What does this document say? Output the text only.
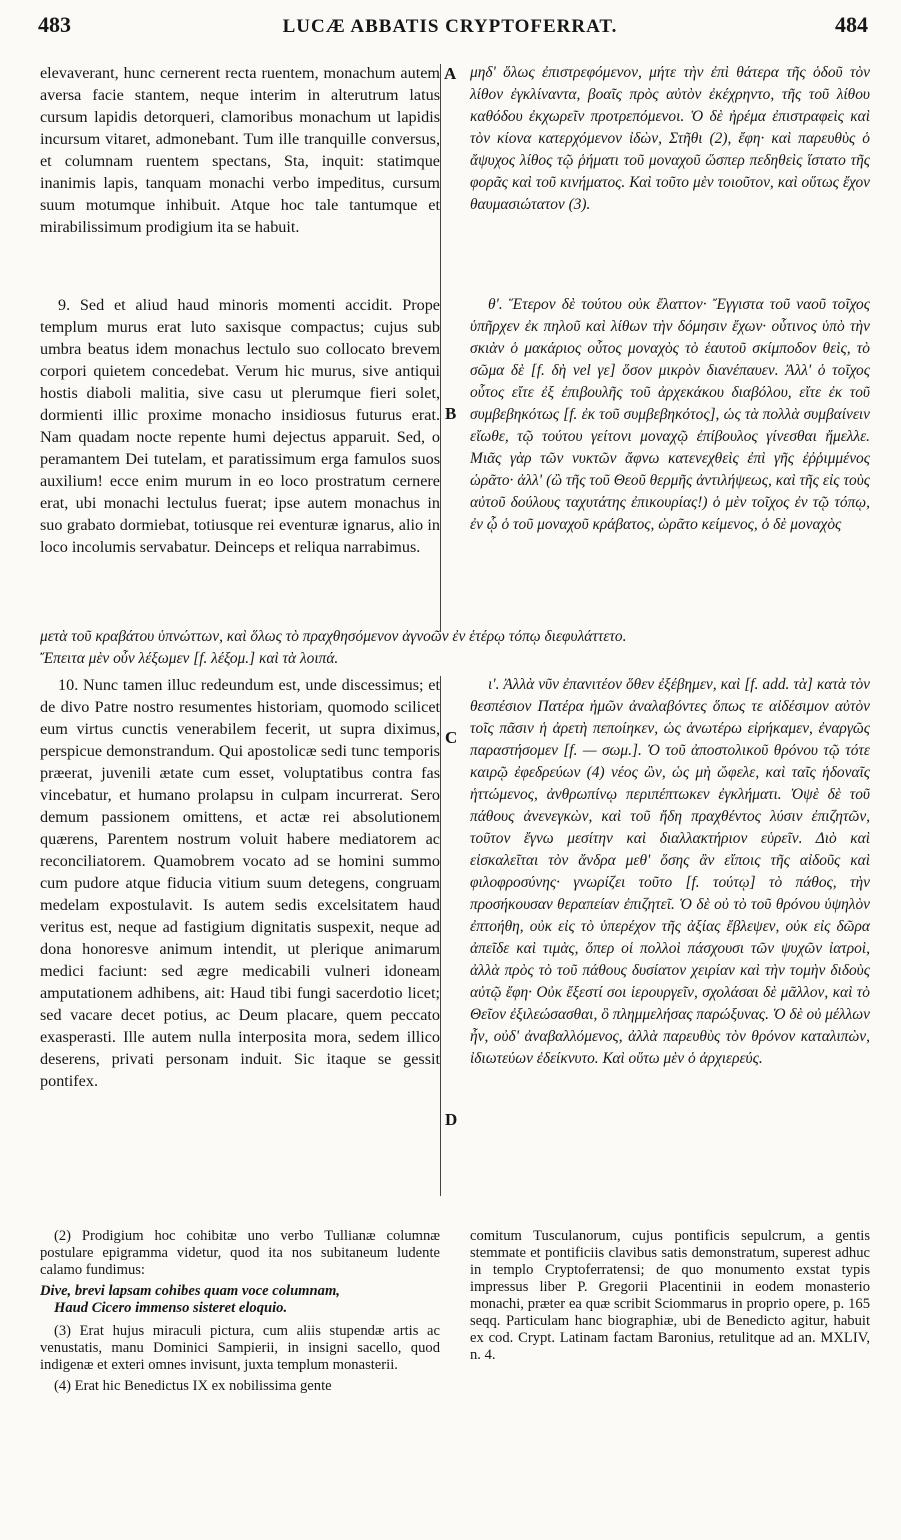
483	LUCÆ ABBATIS CRYPTOFERRAT.	484

elevaverant, hunc cernerent recta ruentem, monachum autem aversa facie stantem, neque interim in alterutrum latus cursum lapidis detorqueri, clamoribus monachum ut lapidis incursum vitaret, admonebant. Tum ille tranquille conversus, et columnam ruentem spectans, Sta, inquit: statimque inanimis lapis, tanquam monachi verbo impeditus, cursum suum motumque inhibuit. Atque hoc tale tantumque et mirabilissimum prodigium ita se habuit.

9. Sed et aliud haud minoris momenti accidit. Prope templum murus erat luto saxisque compactus; cujus sub umbra beatus idem monachus lectulo suo collocato brevem corpori quietem concedebat. Verum hic murus, sive antiqui hostis diaboli malitia, sive casu ut plerumque fieri solet, dormienti illic proxime monacho insidiosus futurus erat. Nam quadam nocte repente humi dejectus apparuit. Sed, o peramantem Dei tutelam, et paratissimum erga famulos suos auxilium! ecce enim murum in eo loco prostratum cernere erat, ubi monachi lectulus fuerat; ipse autem monachus in suo grabato dormiebat, totiusque rei eventuræ ignarus, alio in loco incolumis servabatur. Deinceps et reliqua narrabimus.

μηδ' ὅλως ἐπιστρεφόμενον, μήτε τὴν ἐπὶ θάτερα τῆς ὁδοῦ τὸν λίθον ἐγκλίναντα, βοαῖς πρὸς αὐτὸν ἐκέχρηντο, τῆς τοῦ λίθου καθόδου ἐκχωρεῖν προτρεπόμενοι. Ὁ δὲ ἠρέμα ἐπιστραφεὶς καὶ τὸν κίονα κατερχόμενον ἰδὼν, Στῆθι (2), ἔφη· καὶ παρευθὺς ὁ ἄψυχος λίθος τῷ ῥήματι τοῦ μοναχοῦ ὥσπερ πεδηθεὶς ἵστατο τῆς φορᾶς καὶ τοῦ κινήματος. Καὶ τοῦτο μὲν τοιοῦτον, καὶ οὕτως ἔχον θαυμασιώτατον (3).

θ'. Ἕτερον δὲ τούτου οὐκ ἔλαττον· Ἔγγιστα τοῦ ναοῦ τοῖχος ὑπῆρχεν ἐκ πηλοῦ καὶ λίθων τὴν δόμησιν ἔχων· οὗτινος ὑπὸ τὴν σκιὰν ὁ μακάριος οὗτος μοναχὸς τὸ ἑαυτοῦ σκίμποδον θεὶς, τὸ σῶμα δὲ [f. δὴ vel γε] ὅσον μικρὸν διανέπαυεν. Ἀλλ' ὁ τοῖχος οὗτος εἴτε ἐξ ἐπιβουλῆς τοῦ ἀρχεκάκου διαβόλου, εἴτε ἐκ τοῦ συμβεβηκότως [f. ἐκ τοῦ συμβεβηκότος], ὡς τὰ πολλὰ συμβαίνειν εἴωθε, τῷ τούτου γείτονι μοναχῷ ἐπίβουλος γίνεσθαι ἤμελλε. Μιᾶς γὰρ τῶν νυκτῶν ἄφνω κατενεχθεὶς ἐπὶ γῆς ἐῤῥιμμένος ὡρᾶτο· ἀλλ' (ὢ τῆς τοῦ Θεοῦ θερμῆς ἀντιλήψεως, καὶ τῆς εἰς τοὺς αὐτοῦ δούλους ταχυτάτης ἐπικουρίας!) ὁ μὲν τοῖχος ἐν τῷ τόπῳ, ἐν ᾧ ὁ τοῦ μοναχοῦ κράβατος, ὡρᾶτο κείμενος, ὁ δὲ μοναχὸς

μετὰ τοῦ κραβάτου ὑπνώττων, καὶ ὅλως τὸ πραχθησόμενον ἀγνοῶν ἐν ἑτέρῳ τόπῳ διεφυλάττετο.
Ἔπειτα μὲν οὖν λέξωμεν [f. λέξομ.] καὶ τὰ λοιπά.

10. Nunc tamen illuc redeundum est, unde discessimus; et de divo Patre nostro resumentes historiam, quomodo scilicet eum virtus cunctis venerabilem fecerit, ut supra diximus, perspicue demonstrandum. Qui apostolicæ sedi tunc temporis præerat, juvenili ætate cum esset, voluptatibus contra fas vincebatur, et humano prolapsu in culpam incurrerat. Sero demum passionem omittens, et actæ rei absolutionem quærens, Parentem nostrum voluit habere mediatorem ac reconciliatorem. Quamobrem vocato ad se homini summo cum pudore atque fiducia vitium suum detegens, congruam medelam expostulavit. Is autem sedis excelsitatem haud veritus est, neque ad fastigium dignitatis suspexit, neque ad dona honoresve animum intendit, ut plerique animarum medici faciunt: sed ægre medicabili vulneri idoneam amputationem adhibens, ait: Haud tibi fungi sacerdotio licet; sed vacare decet potius, ac Deum placare, quem peccato exasperasti. Ille autem nulla interposita mora, sedem illico deserens, privati personam induit. Sic itaque se gessit pontifex.

ι'. Ἀλλὰ νῦν ἐπανιτέον ὅθεν ἐξέβημεν, καὶ [f. add. τὰ] κατὰ τὸν θεσπέσιον Πατέρα ἡμῶν ἀναλαβόντες ὅπως τε αἰδέσιμον αὐτὸν τοῖς πᾶσιν ἡ ἀρετὴ πεποίηκεν, ὡς ἀνωτέρω εἰρήκαμεν, ἐναργῶς παραστήσομεν [f. — σωμ.]. Ὁ τοῦ ἀποστολικοῦ θρόνου τῷ τότε καιρῷ ἐφεδρεύων (4) νέος ὢν, ὡς μὴ ὤφελε, καὶ ταῖς ἡδοναῖς ἡττώμενος, ἀνθρωπίνῳ περιπέπτωκεν ἐγκλήματι. Ὀψὲ δὲ τοῦ πάθους ἀνενεγκὼν, καὶ τοῦ ἤδη πραχθέντος λύσιν ἐπιζητῶν, τοῦτον ἔγνω μεσίτην καὶ διαλλακτήριον εὑρεῖν. Διὸ καὶ εἰσκαλεῖται τὸν ἄνδρα μεθ' ὅσης ἂν εἴποις τῆς αἰδοῦς καὶ φιλοφροσύνης· γνωρίζει τοῦτο [f. τούτῳ] τὸ πάθος, τὴν προσήκουσαν θεραπείαν ἐπιζητεῖ. Ὁ δὲ οὐ τὸ τοῦ θρόνου ὑψηλὸν ἐπτοήθη, οὐκ εἰς τὸ ὑπερέχον τῆς ἀξίας ἔβλεψεν, οὐκ εἰς δῶρα ἀπεῖδε καὶ τιμὰς, ὅπερ οἱ πολλοὶ πάσχουσι τῶν ψυχῶν ἰατροὶ, ἀλλὰ πρὸς τὸ τοῦ πάθους δυσίατον χειρίαν καὶ τὴν τομὴν διδοὺς αὐτῷ ἔφη· Οὐκ ἔξεστί σοι ἱερουργεῖν, σχολάσαι δὲ μᾶλλον, καὶ τὸ Θεῖον ἐξιλεώσασθαι, ὃ πλημμελήσας παρώξυνας. Ὁ δὲ οὐ μέλλων ἦν, οὐδ' ἀναβαλλόμενος, ἀλλὰ παρευθὺς τὸν θρόνον καταλιπὼν, ἰδιωτεύων ἐδείκνυτο. Καὶ οὕτω μὲν ὁ ἀρχιερεύς.

A
B
C
D

(2) Prodigium hoc cohibitæ uno verbo Tullianæ columnæ postulare epigramma videtur, quod ita nos subitaneum ludente calamo fundimus:

Dive, brevi lapsam cohibes quam voce columnam,
Haud Cicero immenso sisteret eloquio.

(3) Erat hujus miraculi pictura, cum aliis stupendæ artis ac venustatis, manu Dominici Sampierii, in insigni sacello, quod indigenæ et exteri omnes invisunt, juxta templum monasterii.

(4) Erat hic Benedictus IX ex nobilissima gente

comitum Tusculanorum, cujus pontificis sepulcrum, a gentis stemmate et pontificiis clavibus satis demonstratum, superest adhuc in templo Cryptoferratensi; de quo monumento exstat typis impressus liber P. Gregorii Placentinii in eodem monasterio monachi, præter ea quæ scribit Sciommarus in proprio opere, p. 165 seqq. Particulam hanc biographiæ, ubi de Benedicto agitur, habuit ex cod. Crypt. Latinam factam Baronius, retulitque ad an. MXLIV, n. 4.
